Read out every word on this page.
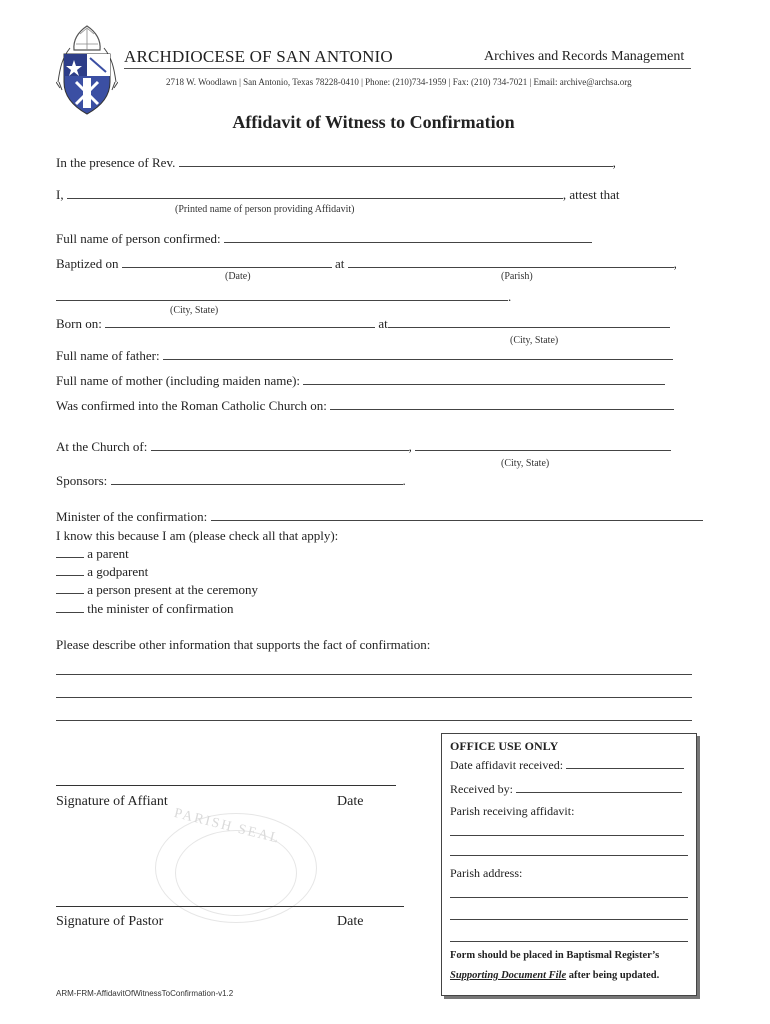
ARCHDIOCESE OF SAN ANTONIO	Archives and Records Management
2718 W. Woodlawn | San Antonio, Texas 78228-0410 | Phone: (210)734-1959 | Fax: (210) 734-7021 | Email: archive@archsa.org
Affidavit of Witness to Confirmation
In the presence of Rev.	,
I,	, attest that
(Printed name of person providing Affidavit)
Full name of person confirmed:
Baptized on	at	,
(Date)	(Parish)
.
(City, State)
Born on:	at
(City, State)
Full name of father:
Full name of mother (including maiden name):
Was confirmed into the Roman Catholic Church on:
At the Church of:	,
(City, State)
Sponsors:	.
Minister of the confirmation:
I know this because I am (please check all that apply):
a parent
a godparent
a person present at the ceremony
the minister of confirmation
Please describe other information that supports the fact of confirmation:
Signature of Affiant	Date
PARISH SEAL
Signature of Pastor	Date
OFFICE USE ONLY
Date affidavit received:
Received by:
Parish receiving affidavit:
Parish address:
Form should be placed in Baptismal Register’s
Supporting Document File after being updated.
ARM-FRM-AffidavitOfWitnessToConfirmation-v1.2
